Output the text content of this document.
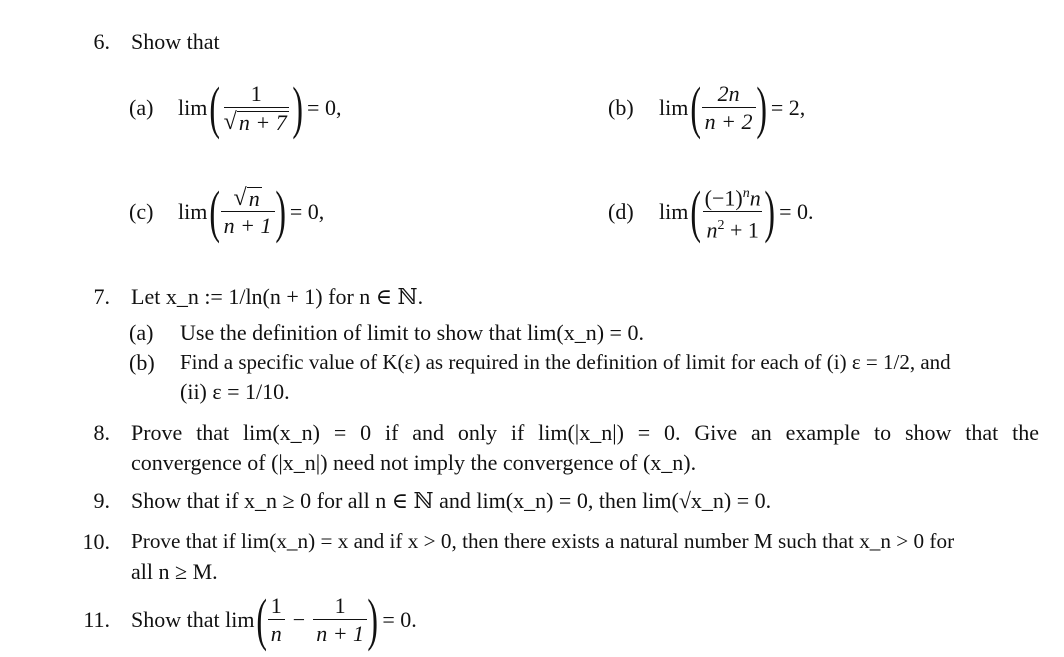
6. Show that
(a) lim ( 1
√ n + 7 ) = 0,	(b) lim ( $\frac{2n}{n + 2}$ ) = 2,
(c) lim ( $\frac{√ n}{n + 1}$ ) = 0,	(d) lim ( $\frac{(-1)^nn}{n^2 + 1}$ ) = 0.
7. Let x_n := 1/ln(n + 1) for n ∈ ℕ.
(a) Use the definition of limit to show that lim(x_n) = 0.
(b) Find a specific value of K(ε) as required in the definition of limit for each of (i) ε = 1/2, and
(ii) ε = 1/10.
8. Prove that lim(x_n) = 0 if and only if lim(|x_n|) = 0. Give an example to show that the
convergence of (|x_n|) need not imply the convergence of (x_n).
9. Show that if x_n ≥ 0 for all n ∈ ℕ and lim(x_n) = 0, then lim(√x_n) = 0.
10. Prove that if lim(x_n) = x and if x > 0, then there exists a natural number M such that x_n > 0 for
all n ≥ M.
11. Show that lim ( $\frac{1}{n} - \frac{1}{n + 1}$ ) = 0.
